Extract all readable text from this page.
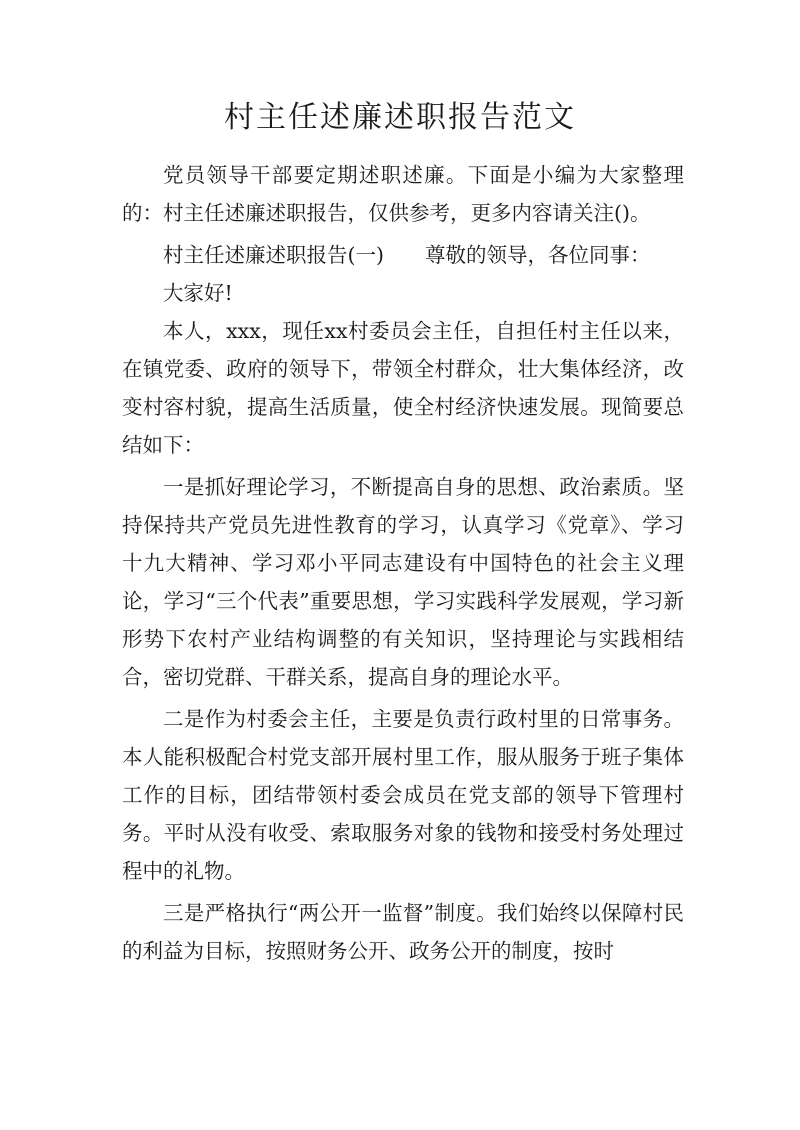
村主任述廉述职报告范文

党员领导干部要定期述职述廉。下面是小编为大家整理的：村主任述廉述职报告，仅供参考，更多内容请关注()。

村主任述廉述职报告(一)　　尊敬的领导，各位同事：

大家好!

本人，xxx，现任xx村委员会主任，自担任村主任以来，在镇党委、政府的领导下，带领全村群众，壮大集体经济，改变村容村貌，提高生活质量，使全村经济快速发展。现简要总结如下：

一是抓好理论学习，不断提高自身的思想、政治素质。坚持保持共产党员先进性教育的学习，认真学习《党章》、学习十九大精神、学习邓小平同志建设有中国特色的社会主义理论，学习“三个代表”重要思想，学习实践科学发展观，学习新形势下农村产业结构调整的有关知识，坚持理论与实践相结合，密切党群、干群关系，提高自身的理论水平。

二是作为村委会主任，主要是负责行政村里的日常事务。本人能积极配合村党支部开展村里工作，服从服务于班子集体工作的目标，团结带领村委会成员在党支部的领导下管理村务。平时从没有收受、索取服务对象的钱物和接受村务处理过程中的礼物。

三是严格执行“两公开一监督”制度。我们始终以保障村民的利益为目标，按照财务公开、政务公开的制度，按时
